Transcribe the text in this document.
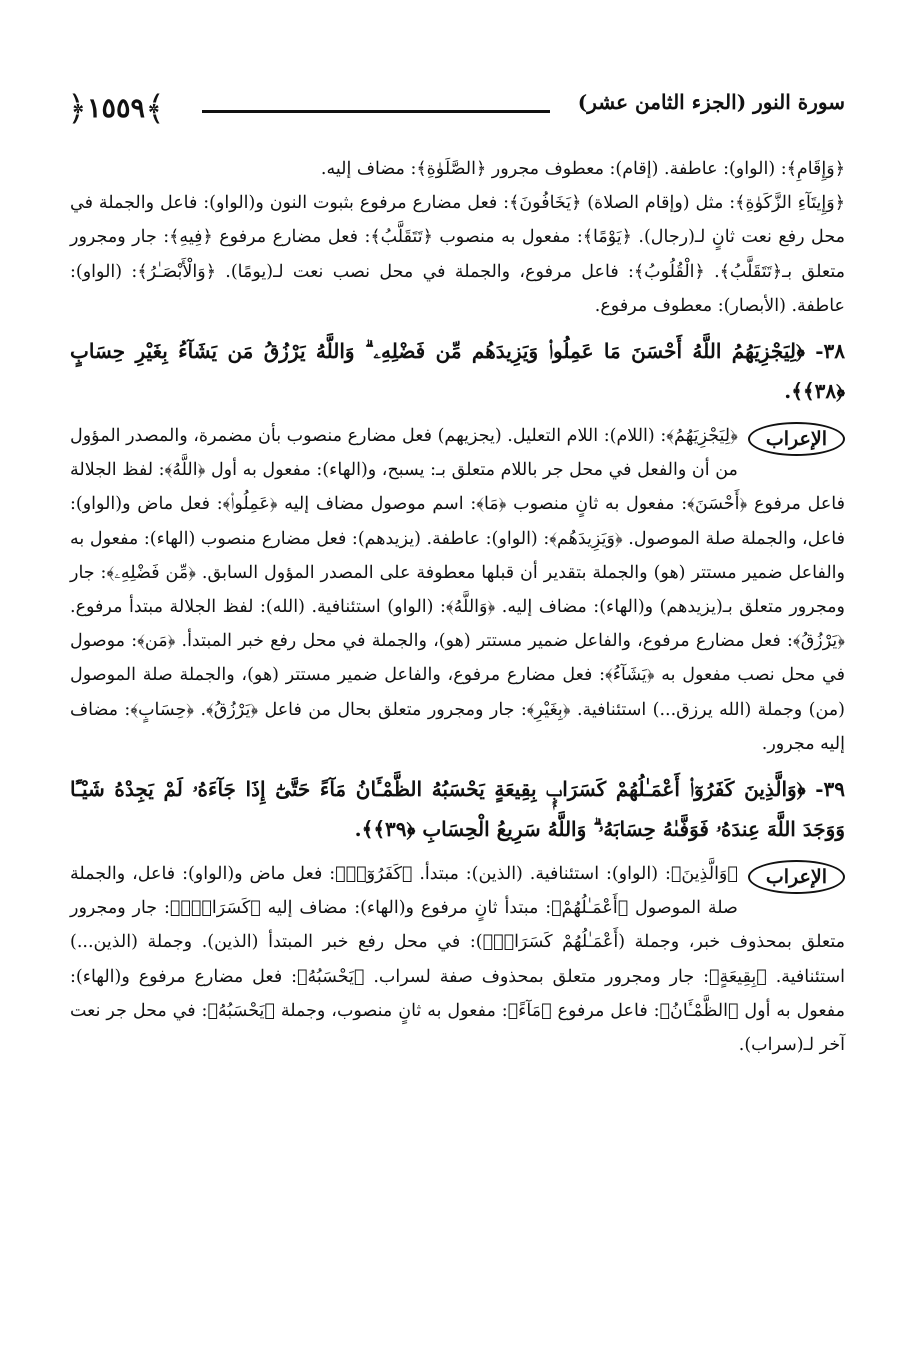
﴿ ١٥٥٩ ﴾	سورة النور (الجزء الثامن عشر)

﴿وَإِقَامِ﴾: (الواو): عاطفة. (إقام): معطوف مجرور ﴿الصَّلَوٰةِ﴾: مضاف إليه.

﴿وَإِيتَآءِ الزَّكَوٰةِ﴾: مثل (وإقام الصلاة) ﴿يَخَافُونَ﴾: فعل مضارع مرفوع بثبوت النون و(الواو): فاعل والجملة في محل رفع نعت ثانٍ لـ(رجال). ﴿يَوْمًا﴾: مفعول به منصوب ﴿تَتَقَلَّبُ﴾: فعل مضارع مرفوع ﴿فِيهِ﴾: جار ومجرور متعلق بـ﴿تَتَقَلَّبُ﴾. ﴿الْقُلُوبُ﴾: فاعل مرفوع، والجملة في محل نصب نعت لـ(يومًا). ﴿وَالْأَبْصَـٰرُ﴾: (الواو): عاطفة. (الأبصار): معطوف مرفوع.

٣٨- ﴿لِيَجْزِيَهُمُ اللَّهُ أَحْسَنَ مَا عَمِلُوا۟ وَيَزِيدَهُم مِّن فَضْلِهِۦ ۗ وَاللَّهُ يَرْزُقُ مَن يَشَآءُ بِغَيْرِ حِسَابٍ ﴿٣٨﴾﴾.

الإعراب
﴿لِيَجْزِيَهُمُ﴾: (اللام): اللام التعليل. (يجزيهم) فعل مضارع منصوب بأن مضمرة، والمصدر المؤول من أن والفعل في محل جر باللام متعلق بـ: يسبح، و(الهاء): مفعول به أول ﴿اللَّهُ﴾: لفظ الجلالة فاعل مرفوع ﴿أَحْسَنَ﴾: مفعول به ثانٍ منصوب ﴿مَا﴾: اسم موصول مضاف إليه ﴿عَمِلُوا۟﴾: فعل ماض و(الواو): فاعل، والجملة صلة الموصول. ﴿وَيَزِيدَهُم﴾: (الواو): عاطفة. (يزيدهم): فعل مضارع منصوب (الهاء): مفعول به والفاعل ضمير مستتر (هو) والجملة بتقدير أن قبلها معطوفة على المصدر المؤول السابق. ﴿مِّن فَضْلِهِۦ﴾: جار ومجرور متعلق بـ(يزيدهم) و(الهاء): مضاف إليه. ﴿وَاللَّهُ﴾: (الواو) استئنافية. (الله): لفظ الجلالة مبتدأ مرفوع. ﴿يَرْزُقُ﴾: فعل مضارع مرفوع، والفاعل ضمير مستتر (هو)، والجملة في محل رفع خبر المبتدأ. ﴿مَن﴾: موصول في محل نصب مفعول به ﴿يَشَآءُ﴾: فعل مضارع مرفوع، والفاعل ضمير مستتر (هو)، والجملة صلة الموصول (من) وجملة (الله يرزق...) استئنافية. ﴿بِغَيْرِ﴾: جار ومجرور متعلق بحال من فاعل ﴿يَرْزُقُ﴾. ﴿حِسَابٍ﴾: مضاف إليه مجرور.

٣٩- ﴿وَالَّذِينَ كَفَرُوٓا۟ أَعْمَـٰلُهُمْ كَسَرَابٍۭ بِقِيعَةٍ يَحْسَبُهُ الظَّمْـَٔانُ مَآءً حَتَّىٰٓ إِذَا جَآءَهُۥ لَمْ يَجِدْهُ شَيْـًٔا وَوَجَدَ اللَّهَ عِندَهُۥ فَوَفَّىٰهُ حِسَابَهُۥ ۗ وَاللَّهُ سَرِيعُ الْحِسَابِ ﴿٣٩﴾﴾.

الإعراب
﴿وَالَّذِينَ﴾: (الواو): استئنافية. (الذين): مبتدأ. ﴿كَفَرُوٓا۟﴾: فعل ماض و(الواو): فاعل، والجملة صلة الموصول ﴿أَعْمَـٰلُهُمْ﴾: مبتدأ ثانٍ مرفوع و(الهاء): مضاف إليه ﴿كَسَرَابٍۭ﴾: جار ومجرور متعلق بمحذوف خبر، وجملة (أَعْمَـٰلُهُمْ كَسَرَابٍۭ): في محل رفع خبر المبتدأ (الذين). وجملة (الذين...) استئنافية. ﴿بِقِيعَةٍ﴾: جار ومجرور متعلق بمحذوف صفة لسراب. ﴿يَحْسَبُهُ﴾: فعل مضارع مرفوع و(الهاء): مفعول به أول ﴿الظَّمْـَٔانُ﴾: فاعل مرفوع ﴿مَآءً﴾: مفعول به ثانٍ منصوب، وجملة ﴿يَحْسَبُهُ﴾: في محل جر نعت آخر لـ(سراب).
